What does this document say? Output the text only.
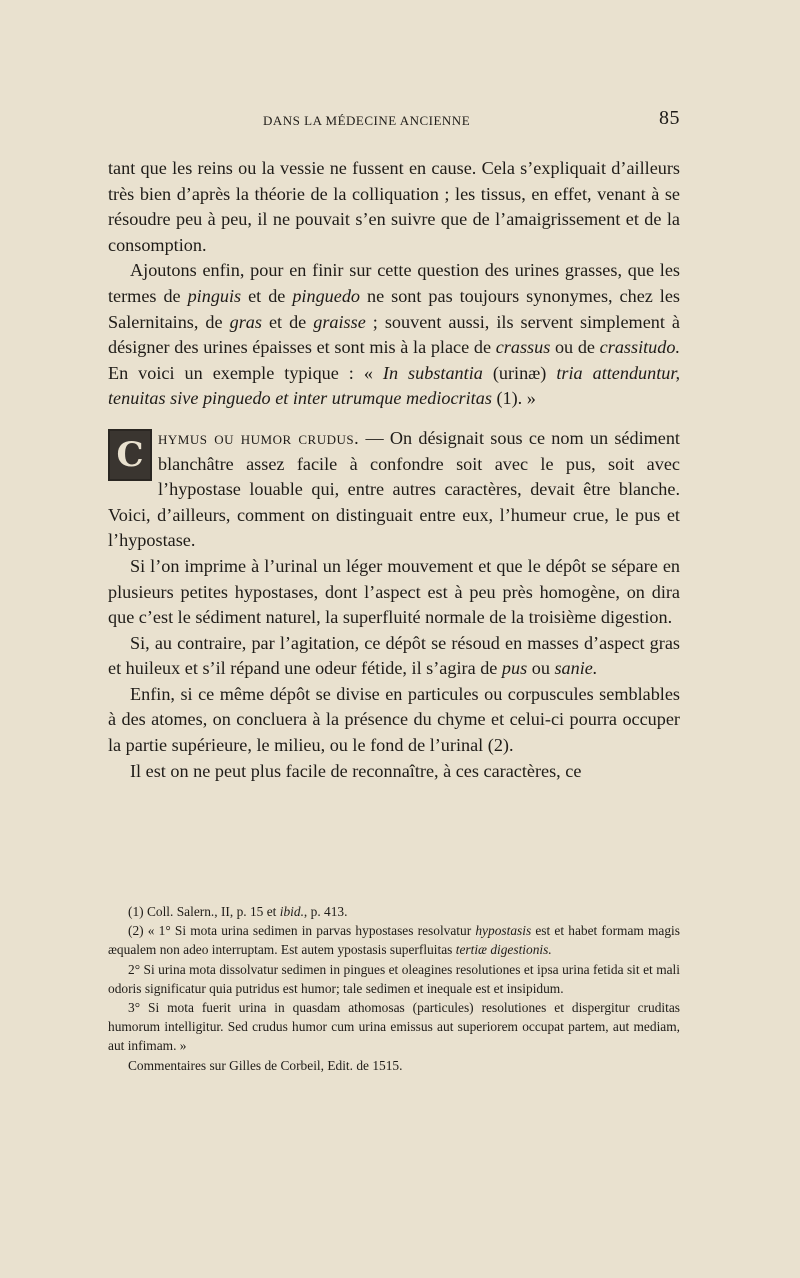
DANS LA MÉDECINE ANCIENNE	85

tant que les reins ou la vessie ne fussent en cause. Cela s’expliquait d’ailleurs très bien d’après la théorie de la colliquation ; les tissus, en effet, venant à se résoudre peu à peu, il ne pouvait s’en suivre que de l’amaigrissement et de la consomption.

Ajoutons enfin, pour en finir sur cette question des urines grasses, que les termes de pinguis et de pinguedo ne sont pas toujours synonymes, chez les Salernitains, de gras et de graisse ; souvent aussi, ils servent simplement à désigner des urines épaisses et sont mis à la place de crassus ou de crassitudo. En voici un exemple typique : « In substantia (urinæ) tria attenduntur, tenuitas sive pinguedo et inter utrumque mediocritas (1). »

C hymus ou humor crudus. — On désignait sous ce nom un sédiment blanchâtre assez facile à confondre soit avec le pus, soit avec l’hypostase louable qui, entre autres caractères, devait être blanche. Voici, d’ailleurs, comment on distinguait entre eux, l’humeur crue, le pus et l’hypostase.

Si l’on imprime à l’urinal un léger mouvement et que le dépôt se sépare en plusieurs petites hypostases, dont l’aspect est à peu près homogène, on dira que c’est le sédiment naturel, la superfluité normale de la troisième digestion.

Si, au contraire, par l’agitation, ce dépôt se résoud en masses d’aspect gras et huileux et s’il répand une odeur fétide, il s’agira de pus ou sanie.

Enfin, si ce même dépôt se divise en particules ou corpuscules semblables à des atomes, on concluera à la présence du chyme et celui-ci pourra occuper la partie supérieure, le milieu, ou le fond de l’urinal (2).

Il est on ne peut plus facile de reconnaître, à ces caractères, ce

(1) Coll. Salern., II, p. 15 et ibid., p. 413.

(2) « 1° Si mota urina sedimen in parvas hypostases resolvatur hypostasis est et habet formam magis æqualem non adeo interruptam. Est autem ypostasis superfluitas tertiæ digestionis.

2° Si urina mota dissolvatur sedimen in pingues et oleagines resolutiones et ipsa urina fetida sit et mali odoris significatur quia putridus est humor; tale sedimen et inequale est et insipidum.

3° Si mota fuerit urina in quasdam athomosas (particules) resolutiones et dispergitur cruditas humorum intelligitur. Sed crudus humor cum urina emissus aut superiorem occupat partem, aut mediam, aut infimam. »

Commentaires sur Gilles de Corbeil, Edit. de 1515.
